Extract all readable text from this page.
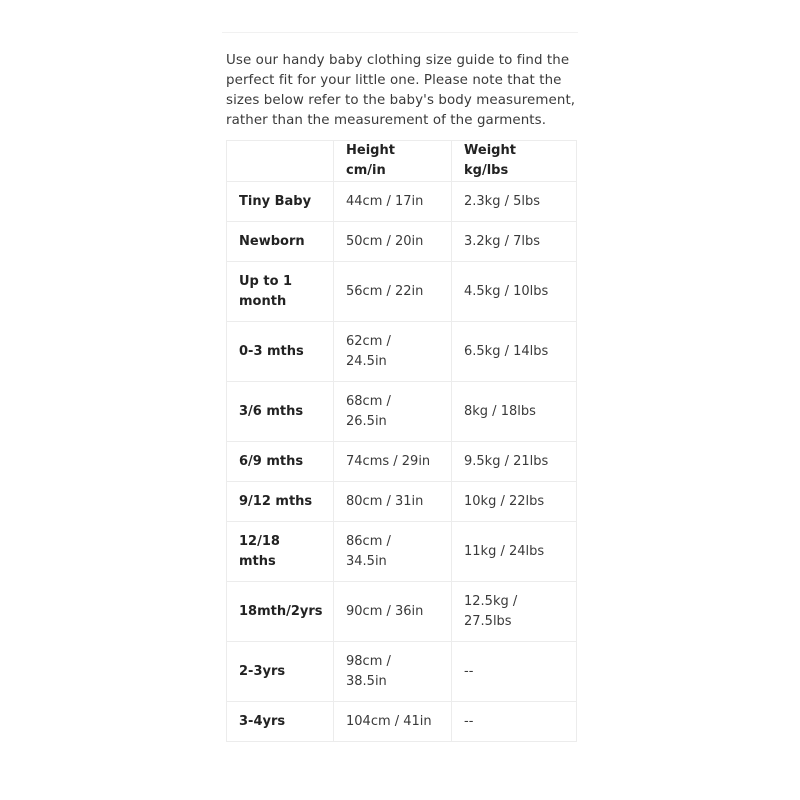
Use our handy baby clothing size guide to find the
perfect fit for your little one. Please note that the
sizes below refer to the baby's body measurement,
rather than the measurement of the garments.
	Height cm/in	Weight kg/lbs
Tiny Baby	44cm / 17in	2.3kg / 5lbs
Newborn	50cm / 20in	3.2kg / 7lbs

Up to 1 month	56cm / 22in	4.5kg / 10lbs
0-3 mths	62cm / 24.5in	6.5kg / 14lbs
3/6 mths	68cm / 26.5in	8kg / 18lbs
6/9 mths	74cms / 29in	9.5kg / 21lbs
9/12 mths	80cm / 31in	10kg / 22lbs
12/18 mths	86cm / 34.5in	11kg / 24lbs
18mth/2yrs	90cm / 36in	12.5kg / 27.5lbs

2-3yrs	98cm / 38.5in	--
3-4yrs	104cm / 41in	--
